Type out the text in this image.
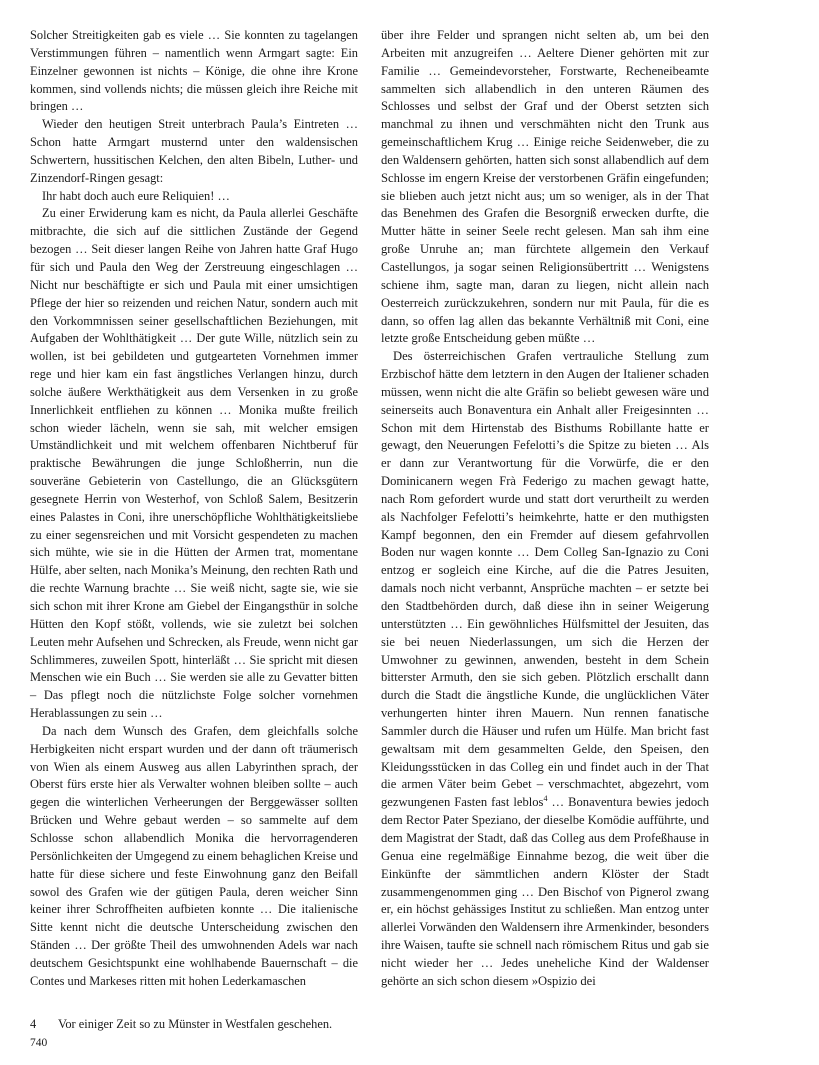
Solcher Streitigkeiten gab es viele … Sie konnten zu tagelangen Verstimmungen führen – namentlich wenn Armgart sagte: Ein Einzelner gewonnen ist nichts – Könige, die ohne ihre Krone kommen, sind vollends nichts; die müssen gleich ihre Reiche mit bringen …

Wieder den heutigen Streit unterbrach Paula’s Eintreten … Schon hatte Armgart musternd unter den waldensischen Schwertern, hussitischen Kelchen, den alten Bibeln, Luther- und Zinzendorf-Ringen gesagt:

Ihr habt doch auch eure Reliquien! …

Zu einer Erwiderung kam es nicht, da Paula allerlei Geschäfte mitbrachte, die sich auf die sittlichen Zustände der Gegend bezogen … Seit dieser langen Reihe von Jahren hatte Graf Hugo für sich und Paula den Weg der Zerstreuung eingeschlagen … Nicht nur beschäftigte er sich und Paula mit einer umsichtigen Pflege der hier so reizenden und reichen Natur, sondern auch mit den Vorkommnissen seiner gesellschaftlichen Beziehungen, mit Aufgaben der Wohlthätigkeit … Der gute Wille, nützlich sein zu wollen, ist bei gebildeten und gutgearteten Vornehmen immer rege und hier kam ein fast ängstliches Verlangen hinzu, durch solche äußere Werkthätigkeit aus dem Versenken in zu große Innerlichkeit entfliehen zu können … Monika mußte freilich schon wieder lächeln, wenn sie sah, mit welcher emsigen Umständlichkeit und mit welchem offenbaren Nichtberuf für praktische Bewährungen die junge Schloßherrin, nun die souveräne Gebieterin von Castellungo, die an Glücksgütern gesegnete Herrin von Westerhof, von Schloß Salem, Besitzerin eines Palastes in Coni, ihre unerschöpfliche Wohlthätigkeitsliebe zu einer segensreichen und mit Vorsicht gespendeten zu machen sich mühte, wie sie in die Hütten der Armen trat, momentane Hülfe, aber selten, nach Monika’s Meinung, den rechten Rath und die rechte Warnung brachte … Sie weiß nicht, sagte sie, wie sie sich schon mit ihrer Krone am Giebel der Eingangsthür in solche Hütten den Kopf stößt, vollends, wie sie zuletzt bei solchen Leuten mehr Aufsehen und Schrecken, als Freude, wenn nicht gar Schlimmeres, zuweilen Spott, hinterläßt … Sie spricht mit diesen Menschen wie ein Buch … Sie werden sie alle zu Gevatter bitten – Das pflegt noch die nützlichste Folge solcher vornehmen Herablassungen zu sein …

Da nach dem Wunsch des Grafen, dem gleichfalls solche Herbigkeiten nicht erspart wurden und der dann oft träumerisch von Wien als einem Ausweg aus allen Labyrinthen sprach, der Oberst fürs erste hier als Verwalter wohnen bleiben sollte – auch gegen die winterlichen Verheerungen der Berggewässer sollten Brücken und Wehre gebaut werden – so sammelte auf dem Schlosse schon allabendlich Monika die hervorragenderen Persönlichkeiten der Umgegend zu einem behaglichen Kreise und hatte für diese sichere und feste Einwohnung ganz den Beifall sowol des Grafen wie der gütigen Paula, deren weicher Sinn keiner ihrer Schroffheiten aufbieten konnte … Die italienische Sitte kennt nicht die deutsche Unterscheidung zwischen den Ständen … Der größte Theil des umwohnenden Adels war nach deutschem Gesichtspunkt eine wohlhabende Bauernschaft – die Contes und Markeses ritten mit hohen Lederkamaschen

über ihre Felder und sprangen nicht selten ab, um bei den Arbeiten mit anzugreifen … Aeltere Diener gehörten mit zur Familie … Gemeindevorsteher, Forstwarte, Recheneibeamte sammelten sich allabendlich in den unteren Räumen des Schlosses und selbst der Graf und der Oberst setzten sich manchmal zu ihnen und verschmähten nicht den Trunk aus gemeinschaftlichem Krug … Einige reiche Seidenweber, die zu den Waldensern gehörten, hatten sich sonst allabendlich auf dem Schlosse im engern Kreise der verstorbenen Gräfin eingefunden; sie blieben auch jetzt nicht aus; um so weniger, als in der That das Benehmen des Grafen die Besorgniß erwecken durfte, die Mutter hätte in seiner Seele recht gelesen. Man sah ihm eine große Unruhe an; man fürchtete allgemein den Verkauf Castellungos, ja sogar seinen Religionsübertritt … Wenigstens schiene ihm, sagte man, daran zu liegen, nicht allein nach Oesterreich zurückzukehren, sondern nur mit Paula, für die es dann, so offen lag allen das bekannte Verhältniß mit Coni, eine letzte große Entscheidung geben müßte …

Des österreichischen Grafen vertrauliche Stellung zum Erzbischof hätte dem letztern in den Augen der Italiener schaden müssen, wenn nicht die alte Gräfin so beliebt gewesen wäre und seinerseits auch Bonaventura ein Anhalt aller Freigesinnten … Schon mit dem Hirtenstab des Bisthums Robillante hatte er gewagt, den Neuerungen Fefelotti’s die Spitze zu bieten … Als er dann zur Verantwortung für die Vorwürfe, die er den Dominicanern wegen Frà Federigo zu machen gewagt hatte, nach Rom gefordert wurde und statt dort verurtheilt zu werden als Nachfolger Fefelotti’s heimkehrte, hatte er den muthigsten Kampf begonnen, den ein Fremder auf diesem gefahrvollen Boden nur wagen konnte … Dem Colleg San-Ignazio zu Coni entzog er sogleich eine Kirche, auf die die Patres Jesuiten, damals noch nicht verbannt, Ansprüche machten – er setzte bei den Stadtbehörden durch, daß diese ihn in seiner Weigerung unterstützten … Ein gewöhnliches Hülfsmittel der Jesuiten, das sie bei neuen Niederlassungen, um sich die Herzen der Umwohner zu gewinnen, anwenden, besteht in dem Schein bitterster Armuth, den sie sich geben. Plötzlich erschallt dann durch die Stadt die ängstliche Kunde, die unglücklichen Väter verhungerten hinter ihren Mauern. Nun rennen fanatische Sammler durch die Häuser und rufen um Hülfe. Man bricht fast gewaltsam mit dem gesammelten Gelde, den Speisen, den Kleidungsstücken in das Colleg ein und findet auch in der That die armen Väter beim Gebet – verschmachtet, abgezehrt, vom gezwungenen Fasten fast leblos$^4$ … Bonaventura bewies jedoch dem Rector Pater Speziano, der dieselbe Komödie aufführte, und dem Magistrat der Stadt, daß das Colleg aus dem Profeßhause in Genua eine regelmäßige Einnahme bezog, die weit über die Einkünfte der sämmtlichen andern Klöster der Stadt zusammengenommen ging … Den Bischof von Pignerol zwang er, ein höchst gehässiges Institut zu schließen. Man entzog unter allerlei Vorwänden den Waldensern ihre Armenkinder, besonders ihre Waisen, taufte sie schnell nach römischem Ritus und gab sie nicht wieder her … Jedes uneheliche Kind der Waldenser gehörte an sich schon diesem »Ospizio dei

4 Vor einiger Zeit so zu Münster in Westfalen geschehen.
740
